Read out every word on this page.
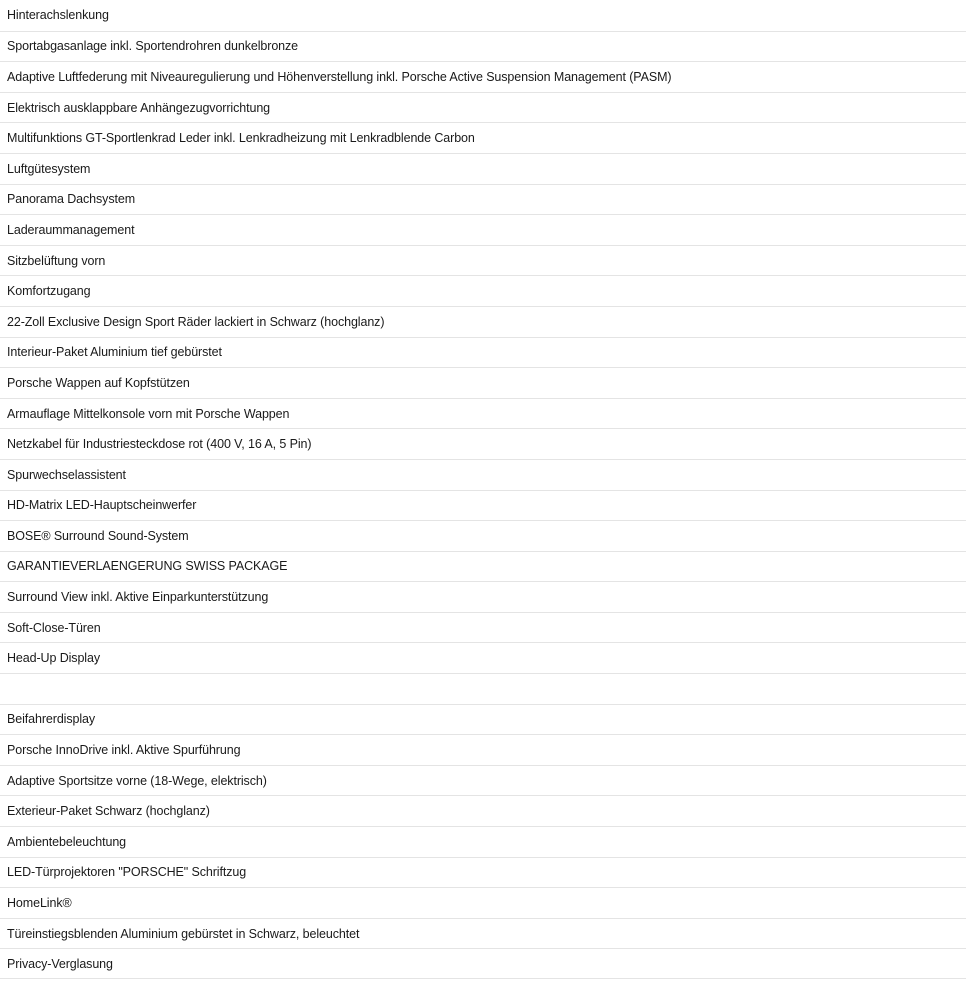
Hinterachslenkung
Sportabgasanlage inkl. Sportendrohren dunkelbronze
Adaptive Luftfederung mit Niveauregulierung und Höhenverstellung inkl. Porsche Active Suspension Management (PASM)
Elektrisch ausklappbare Anhängezugvorrichtung
Multifunktions GT-Sportlenkrad Leder inkl. Lenkradheizung mit Lenkradblende Carbon
Luftgütesystem
Panorama Dachsystem
Laderaummanagement
Sitzbelüftung vorn
Komfortzugang
22-Zoll Exclusive Design Sport Räder lackiert in Schwarz (hochglanz)
Interieur-Paket Aluminium tief gebürstet
Porsche Wappen auf Kopfstützen
Armauflage Mittelkonsole vorn mit Porsche Wappen
Netzkabel für Industriesteckdose rot (400 V, 16 A, 5 Pin)
Spurwechselassistent
HD-Matrix LED-Hauptscheinwerfer
BOSE® Surround Sound-System
GARANTIEVERLAENGERUNG SWISS PACKAGE
Surround View inkl. Aktive Einparkunterstützung
Soft-Close-Türen
Head-Up Display
Beifahrerdisplay
Porsche InnoDrive inkl. Aktive Spurführung
Adaptive Sportsitze vorne (18-Wege, elektrisch)
Exterieur-Paket Schwarz (hochglanz)
Ambientebeleuchtung
LED-Türprojektoren "PORSCHE" Schriftzug
HomeLink®
Türeinstiegsblenden Aluminium gebürstet in Schwarz, beleuchtet
Privacy-Verglasung
